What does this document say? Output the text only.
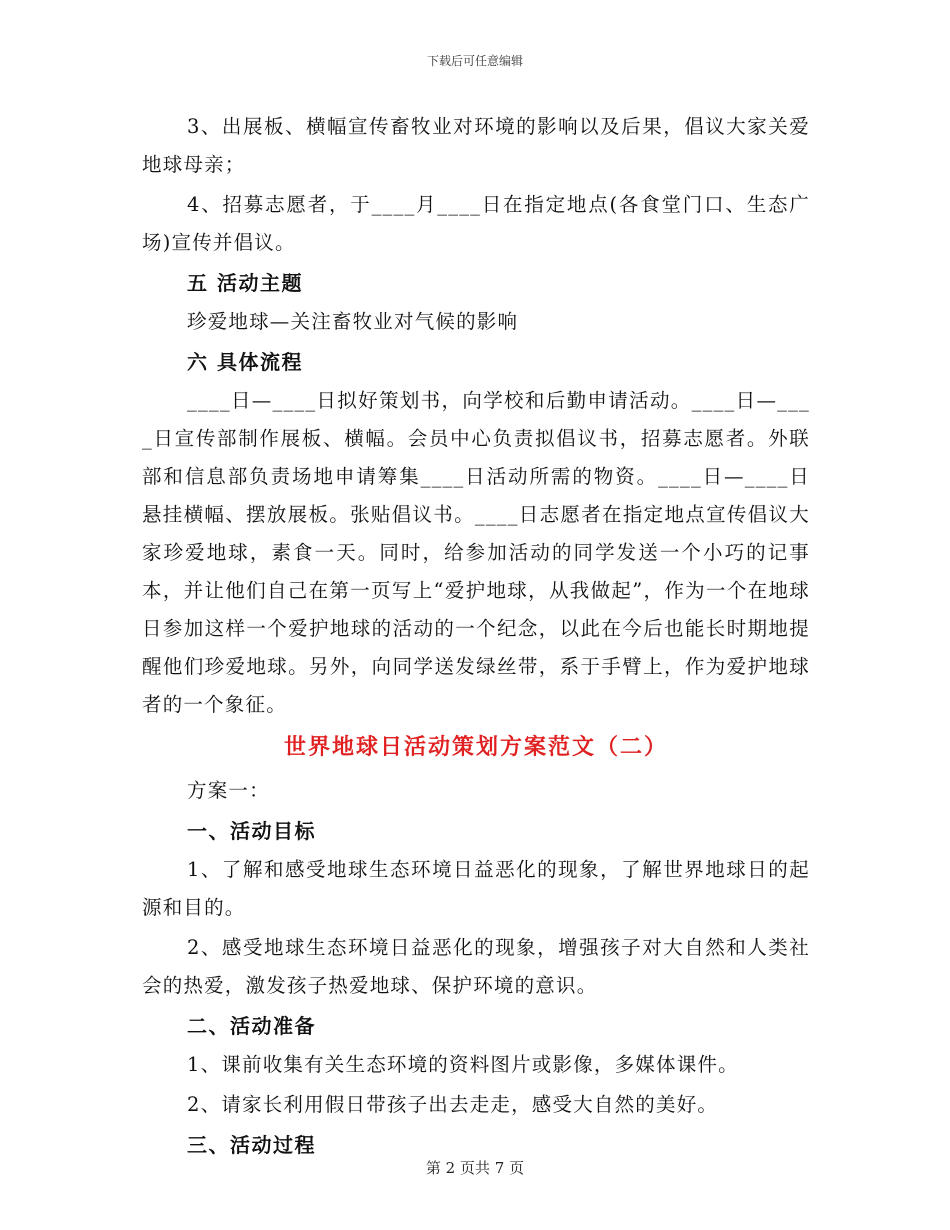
下载后可任意编辑

3、出展板、横幅宣传畜牧业对环境的影响以及后果，倡议大家关爱地球母亲；

4、招募志愿者，于____月____日在指定地点(各食堂门口、生态广场)宣传并倡议。

五 活动主题

珍爱地球—关注畜牧业对气候的影响

六 具体流程

____日—____日拟好策划书，向学校和后勤申请活动。____日—____日宣传部制作展板、横幅。会员中心负责拟倡议书，招募志愿者。外联部和信息部负责场地申请筹集____日活动所需的物资。____日—____日悬挂横幅、摆放展板。张贴倡议书。____日志愿者在指定地点宣传倡议大家珍爱地球，素食一天。同时，给参加活动的同学发送一个小巧的记事本，并让他们自己在第一页写上“爱护地球，从我做起”，作为一个在地球日参加这样一个爱护地球的活动的一个纪念，以此在今后也能长时期地提醒他们珍爱地球。另外，向同学送发绿丝带，系于手臂上，作为爱护地球者的一个象征。

世界地球日活动策划方案范文（二）

方案一：

一、活动目标

1、了解和感受地球生态环境日益恶化的现象，了解世界地球日的起源和目的。

2、感受地球生态环境日益恶化的现象，增强孩子对大自然和人类社会的热爱，激发孩子热爱地球、保护环境的意识。

二、活动准备

1、课前收集有关生态环境的资料图片或影像，多媒体课件。

2、请家长利用假日带孩子出去走走，感受大自然的美好。

三、活动过程

第 2 页共 7 页
